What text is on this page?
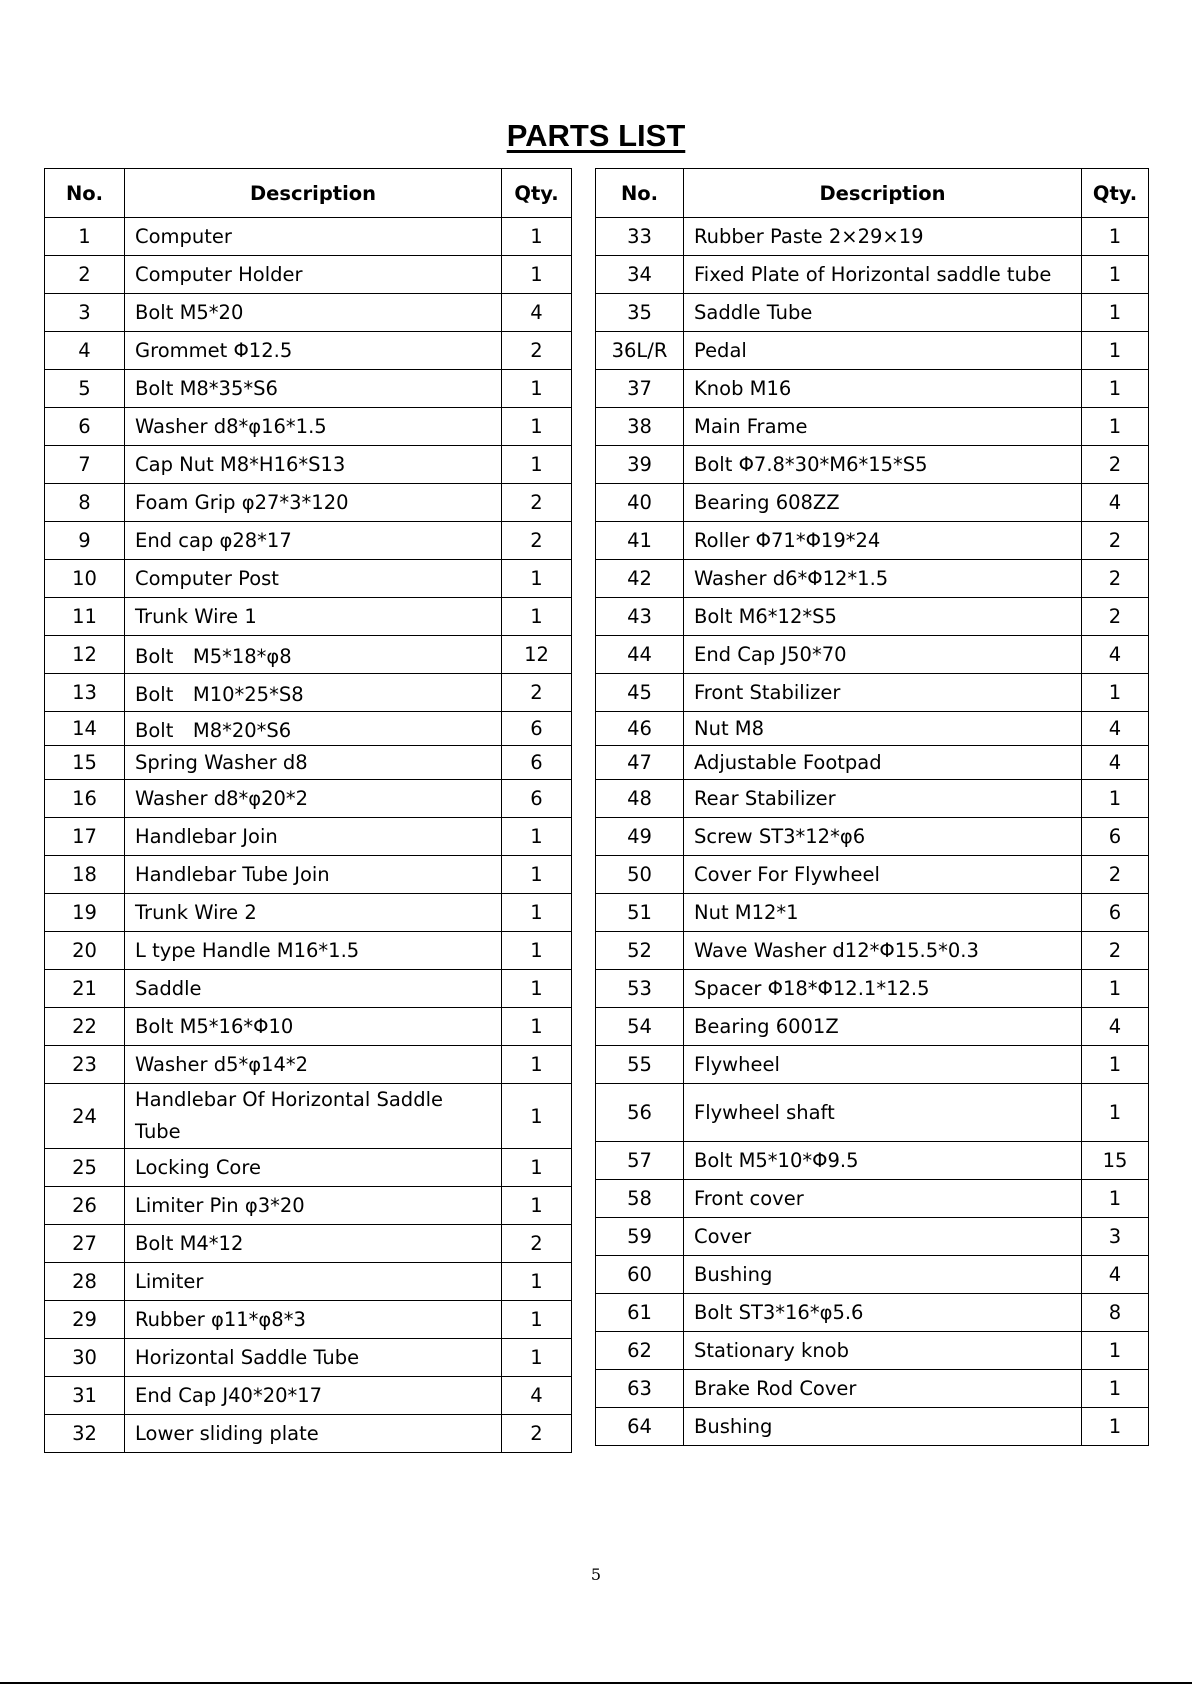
PARTS LIST
No.	Description	Qty.
1	Computer	1
2	Computer Holder	1
3	Bolt M5*20	4
4	Grommet Φ12.5	2
5	Bolt M8*35*S6	1
6	Washer d8*φ16*1.5	1
7	Cap Nut M8*H16*S13	1
8	Foam Grip φ27*3*120	2
9	End cap φ28*17	2
10	Computer Post	1
11	Trunk Wire 1	1
12	Bolt　M5*18*φ8	12
13	Bolt　M10*25*S8	2
14	Bolt　M8*20*S6	6
15	Spring Washer d8	6
16	Washer d8*φ20*2	6
17	Handlebar Join	1
18	Handlebar Tube Join	1
19	Trunk Wire 2	1
20	L type Handle M16*1.5	1
21	Saddle	1
22	Bolt M5*16*Φ10	1
23	Washer d5*φ14*2	1
24	Handlebar Of Horizontal Saddle Tube	1
25	Locking Core	1
26	Limiter Pin φ3*20	1
27	Bolt M4*12	2
28	Limiter	1
29	Rubber φ11*φ8*3	1
30	Horizontal Saddle Tube	1
31	End Cap J40*20*17	4
32	Lower sliding plate	2
No.	Description	Qty.
33	Rubber Paste 2×29×19	1
34	Fixed Plate of Horizontal saddle tube	1
35	Saddle Tube	1
36L/R	Pedal	1
37	Knob M16	1
38	Main Frame	1
39	Bolt Φ7.8*30*M6*15*S5	2
40	Bearing 608ZZ	4
41	Roller Φ71*Φ19*24	2
42	Washer d6*Φ12*1.5	2
43	Bolt M6*12*S5	2
44	End Cap J50*70	4
45	Front Stabilizer	1
46	Nut M8	4
47	Adjustable Footpad	4
48	Rear Stabilizer	1
49	Screw ST3*12*φ6	6
50	Cover For Flywheel	2
51	Nut M12*1	6
52	Wave Washer d12*Φ15.5*0.3	2
53	Spacer Φ18*Φ12.1*12.5	1
54	Bearing 6001Z	4
55	Flywheel	1
56	Flywheel shaft	1
57	Bolt M5*10*Φ9.5	15
58	Front cover	1
59	Cover	3
60	Bushing	4
61	Bolt ST3*16*φ5.6	8
62	Stationary knob	1
63	Brake Rod Cover	1
64	Bushing	1
5
